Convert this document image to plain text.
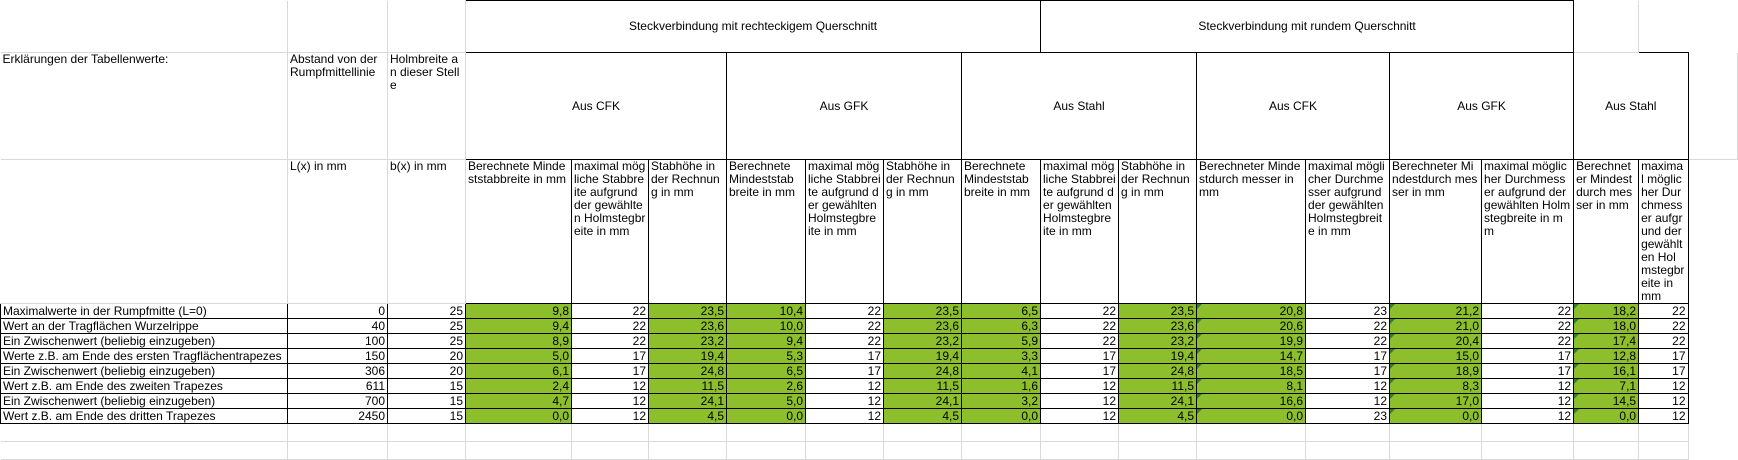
			Steckverbindung mit rechteckigem Querschnitt							Steckverbindung mit rundem Querschnitt								
Erklärungen der Tabellenwerte:	Abstand von der Rumpfmittellinie	Holmbreite an dieser Stelle	Aus CFK			Aus GFK			Aus Stahl			Aus CFK		Aus GFK		Aus Stahl		
	L(x) in mm	b(x) in mm	Berechnete Mindeststabbreite in mm	maximal mögliche Stabbreite aufgrund der gewählten Holmstegbreite in mm	Stabhöhe in der Rechnung in mm	Berechnete Mindeststab breite in mm	maximal mögliche Stabbreite aufgrund der gewählten Holmstegbre ite in mm	Stabhöhe in der Rechnung in mm	Berechnete Mindeststab breite in mm	maximal mögliche Stabbreite aufgrund der gewählten Holmstegbre ite in mm	Stabhöhe in der Rechnung in mm	Berechneter Mindestdurch messer in mm	maximal möglicher Durchmesser aufgrund der gewählten Holmstegbreite in mm	Berechneter Mindestdurch messer in mm	maximal möglicher Durchmesser aufgrund der gewählten Holmstegbreite in mm	Berechneter Mindestdurch messer in mm	maximal möglicher Durchmesser aufgrund der gewählten Holmstegbreite in mm	
Maximalwerte in der Rumpfmitte (L=0)	0	25	9,8	22	23,5	10,4	22	23,5	6,5	22	23,5	20,8	23	21,2	22	18,2	22	
Wert an der Tragflächen Wurzelrippe	40	25	9,4	22	23,6	10,0	22	23,6	6,3	22	23,6	20,6	22	21,0	22	18,0	22	
Ein Zwischenwert (beliebig einzugeben)	100	25	8,9	22	23,2	9,4	22	23,2	5,9	22	23,2	19,9	22	20,4	22	17,4	22	
Werte z.B. am Ende des ersten Tragflächentrapezes	150	20	5,0	17	19,4	5,3	17	19,4	3,3	17	19,4	14,7	17	15,0	17	12,8	17	
Ein Zwischenwert (beliebig einzugeben)	306	20	6,1	17	24,8	6,5	17	24,8	4,1	17	24,8	18,5	17	18,9	17	16,1	17	
Wert z.B. am Ende des zweiten Trapezes	611	15	2,4	12	11,5	2,6	12	11,5	1,6	12	11,5	8,1	12	8,3	12	7,1	12	
Ein Zwischenwert (beliebig einzugeben)	700	15	4,7	12	24,1	5,0	12	24,1	3,2	12	24,1	16,6	12	17,0	12	14,5	12	
Wert z.B. am Ende des dritten Trapezes	2450	15	0,0	12	4,5	0,0	12	4,5	0,0	12	4,5	0,0	23	0,0	12	0,0	12	
